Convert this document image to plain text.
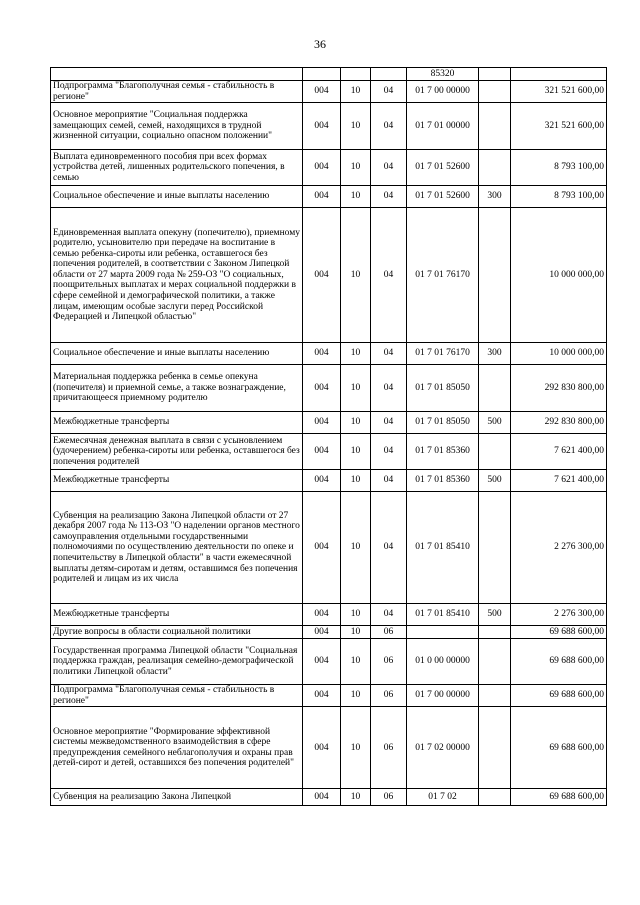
36
				85320		
Подпрограмма "Благополучная семья - стабильность в регионе"	004	10	04	01 7 00 00000		321 521 600,00
Основное мероприятие "Социальная поддержка замещающих семей, семей, находящихся в трудной жизненной ситуации, социально опасном положении"	004	10	04	01 7 01 00000		321 521 600,00
Выплата единовременного пособия при всех формах устройства детей, лишенных родительского попечения, в семью	004	10	04	01 7 01 52600		8 793 100,00
Социальное обеспечение и иные выплаты населению	004	10	04	01 7 01 52600	300	8 793 100,00
Единовременная выплата опекуну (попечителю), приемному родителю, усыновителю при передаче на воспитание в семью ребенка-сироты или ребенка, оставшегося без попечения родителей, в соответствии с Законом Липецкой области от 27 марта 2009 года № 259-ОЗ "О социальных, поощрительных выплатах и мерах социальной поддержки в сфере семейной и демографической политики, а также лицам, имеющим особые заслуги перед Российской Федерацией и Липецкой областью"	004	10	04	01 7 01 76170		10 000 000,00
Социальное обеспечение и иные выплаты населению	004	10	04	01 7 01 76170	300	10 000 000,00
Материальная поддержка ребенка в семье опекуна (попечителя) и приемной семье, а также вознаграждение, причитающееся приемному родителю	004	10	04	01 7 01 85050		292 830 800,00
Межбюджетные трансферты	004	10	04	01 7 01 85050	500	292 830 800,00
Ежемесячная денежная выплата в связи с усыновлением (удочерением) ребенка-сироты или ребенка, оставшегося без попечения родителей	004	10	04	01 7 01 85360		7 621 400,00
Межбюджетные трансферты	004	10	04	01 7 01 85360	500	7 621 400,00
Субвенция на реализацию Закона Липецкой области от 27 декабря 2007 года № 113-ОЗ "О наделении органов местного самоуправления отдельными государственными полномочиями по осуществлению деятельности по опеке и попечительству в Липецкой области" в части ежемесячной выплаты детям-сиротам и детям, оставшимся без попечения родителей и лицам из их числа	004	10	04	01 7 01 85410		2 276 300,00
Межбюджетные трансферты	004	10	04	01 7 01 85410	500	2 276 300,00
Другие вопросы в области социальной политики	004	10	06			69 688 600,00
Государственная программа Липецкой области "Социальная поддержка граждан, реализация семейно-демографической политики Липецкой области"	004	10	06	01 0 00 00000		69 688 600,00
Подпрограмма "Благополучная семья - стабильность в регионе"	004	10	06	01 7 00 00000		69 688 600,00
Основное мероприятие "Формирование эффективной системы межведомственного взаимодействия в сфере предупреждения семейного неблагополучия и охраны прав детей-сирот и детей, оставшихся без попечения родителей"	004	10	06	01 7 02 00000		69 688 600,00
Субвенция на реализацию Закона Липецкой	004	10	06	01 7 02		69 688 600,00
